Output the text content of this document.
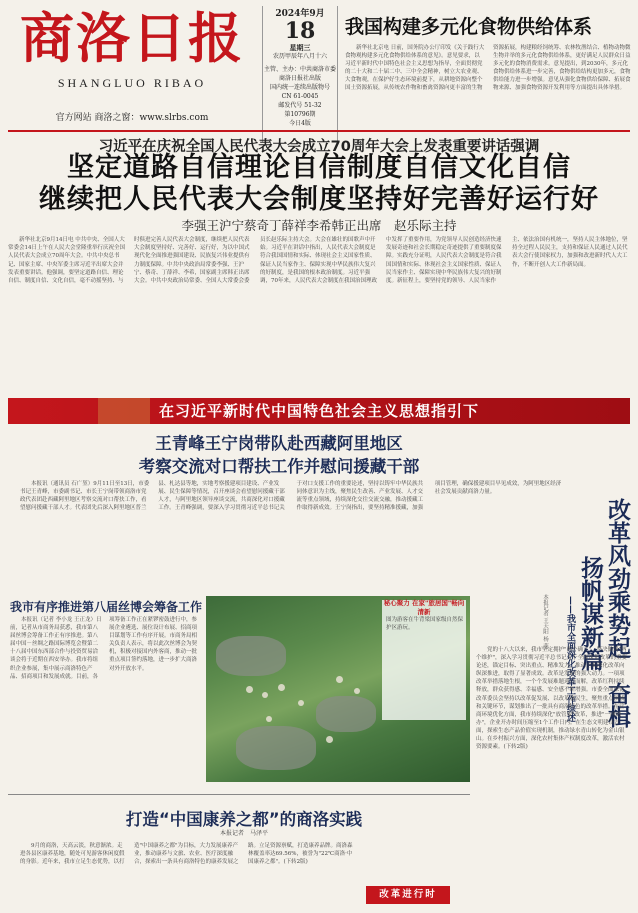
商洛日报
SHANGLUO RIBAO
官方网站 商洛之窗：www.slrbs.com
2024年9月
18
星期三
农历甲辰年八月十六
主管、主办：中共商洛市委
商洛日报社出版
国内统一连续出版物号
CN 61-0045
邮发代号 51-32
第10796期
今日4版
我国构建多元化食物供给体系
新华社北京电 日前，国务院办公厅印发《关于践行大食物观构建多元化食物供给体系的意见》。意见要求，以习近平新时代中国特色社会主义思想为指导，全面贯彻党的二十大和二十届二中、三中全会精神，树立大农业观、大食物观，在保护好生态环境前提下，从耕地资源向整个国土资源拓展，从传统农作物和畜禽资源向更丰富的生物资源拓展，构建粮经饲统筹、农林牧渔结合、植物动物微生物并举的多元化食物供给体系，更好满足人民群众日益多元化的食物消费需求。意见提出，到2030年，多元化食物供给体系进一步完善，食物供给结构更加多元，食物供给能力进一步增强。意见从强化食物供给保障、拓展食物来源、加强食物资源开发利用等方面提出具体举措。
习近平在庆祝全国人民代表大会成立70周年大会上发表重要讲话强调
坚定道路自信理论自信制度自信文化自信
继续把人民代表大会制度坚持好完善好运行好
李强王沪宁蔡奇丁薛祥李希韩正出席　赵乐际主持
新华社北京9月14日电 中共中央、全国人大常委会14日上午在人民大会堂隆重举行庆祝全国人民代表大会成立70周年大会。中共中央总书记、国家主席、中央军委主席习近平出席大会并发表重要讲话。他强调，要坚定道路自信、理论自信、制度自信、文化自信，毫不动摇坚持、与时俱进完善人民代表大会制度，继续把人民代表大会制度坚持好、完善好、运行好，为以中国式现代化全面推进强国建设、民族复兴伟业提供有力制度保障。中共中央政治局常委李强、王沪宁、蔡奇、丁薛祥、李希，国家副主席韩正出席大会。中共中央政治局常委、全国人大常委会委员长赵乐际主持大会。大会在雄壮的国歌声中开始。习近平在讲话中指出，人民代表大会制度是符合我国国情和实际、体现社会主义国家性质、保证人民当家作主、保障实现中华民族伟大复兴的好制度，是我国的根本政治制度。习近平强调，70年来，人民代表大会制度在我国治国理政中发挥了重要作用，为党领导人民创造经济快速发展奇迹和社会长期稳定奇迹提供了重要制度保障。实践充分证明，人民代表大会制度是符合我国国情和实际、体现社会主义国家性质、保证人民当家作主、保障实现中华民族伟大复兴的好制度。新征程上，要坚持党的领导、人民当家作主、依法治国有机统一，坚持人民主体地位，坚持全过程人民民主，支持和保证人民通过人民代表大会行使国家权力，加强和改进新时代人大工作，不断开创人大工作新局面。
在习近平新时代中国特色社会主义思想指引下
王青峰王宁岗带队赴西藏阿里地区
考察交流对口帮扶工作并慰问援藏干部
本报讯（通讯员 石广堃）9月11日至13日，市委书记王青峰，市委副书记、市长王宁岗带领商洛市党政代表团赴西藏阿里地区考察交流对口帮扶工作，看望慰问援藏干部人才。代表团先后深入阿里地区普兰县、札达县等地，实地考察援建项目建设、产业发展、民生保障等情况，召开座谈会看望慰问援藏干部人才，与阿里地区领导座谈交流，共商深化对口援藏工作。王青峰强调，要深入学习贯彻习近平总书记关于对口支援工作的重要论述，坚持以铸牢中华民族共同体意识为主线，聚焦民生改善、产业发展、人才交流等重点领域，持续深化交往交流交融，推动援藏工作取得新成效。王宁岗指出，要坚持精准援藏，加强项目管理，确保援建项目早见成效，为阿里地区经济社会发展贡献商洛力量。
改革风劲乘势起　奋楫扬帆谋新篇
——我市全面深化改革工作综述
本报记者 王天阳 杨 萌
党的十八大以来，我市坚定拥护"两个确立"、坚决做到"两个维护"，深入学习贯彻习近平总书记关于全面深化改革的重要论述，锚定目标、突出重点、精准发力，推动全面深化改革向纵深推进，取得了显著成效。改革是发展的强大动力。一项项改革举措落地生根，一个个发展难题迎刃而解，改革红利持续释放，群众获得感、幸福感、安全感不断增强。市委全面深化改革委员会坚持以改革促发展、以改革惠民生，聚焦重点领域和关键环节，谋划推出了一批具有商洛特色的改革举措。在营商环境优化方面，我市持续深化"放管服"改革，推进"一网通办"，企业开办时间压缩至1个工作日内。在生态文明建设方面，探索生态产品价值实现机制，推动绿水青山转化为金山银山。在乡村振兴方面，深化农村集体产权制度改革，激活农村资源要素。(下转2版)
我市有序推进第八届丝博会筹备工作
本报讯（记者 李小龙 王正龙）日前，记者从市商务局获悉，我市第八届丝博会筹备工作正有序推进。第八届中国－丝绸之路国际博览会暨第二十八届中国东西部合作与投资贸易洽谈会将于近期在西安举办。我市将组织企业参展，集中展示商洛特色产品、招商项目和发展成就。目前，各项筹备工作正在紧锣密鼓进行中，参展企业遴选、展位设计布展、招商项目谋划等工作有序开展。市商务局相关负责人表示，将以此次丝博会为契机，积极对接国内外客商，推动一批重点项目签约落地，进一步扩大商洛对外开放水平。
秘心聚力 在家"旅居国"畅向清新
图为游客在牛背梁国家级自然保护区游玩。
打造“中国康养之都”的商洛实践
本报记者　马泽平
9月的商洛，天高云淡，秋意渐浓。走进各县区康养基地，随处可见游客休闲度假的身影。近年来，我市立足生态优势，以打造"中国康养之都"为目标，大力发展康养产业，推动康养与文旅、农业、医疗深度融合，探索出一条具有商洛特色的康养发展之路。立足资源禀赋，打造康养品牌。商洛森林覆盖率达69.56%，被誉为"22℃商洛·中国康养之都"。(下转2版)
改革进行时
